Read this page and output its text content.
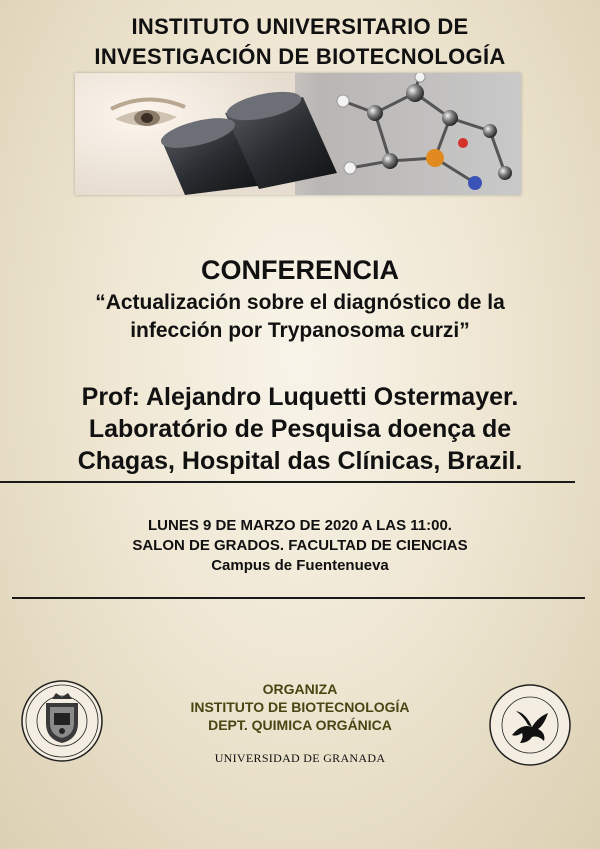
INSTITUTO UNIVERSITARIO DE
INVESTIGACIÓN DE BIOTECNOLOGÍA
CONFERENCIA
“Actualización sobre el diagnóstico de la
infección por Trypanosoma curzi”
Prof: Alejandro Luquetti Ostermayer.
Laboratório de Pesquisa doença de
Chagas, Hospital das Clínicas, Brazil.
LUNES 9 DE MARZO DE 2020 A LAS 11:00.
SALON DE GRADOS. FACULTAD DE CIENCIAS
Campus de Fuentenueva
ORGANIZA
INSTITUTO DE BIOTECNOLOGÍA
DEPT. QUIMICA ORGÁNICA
UNIVERSIDAD DE GRANADA
